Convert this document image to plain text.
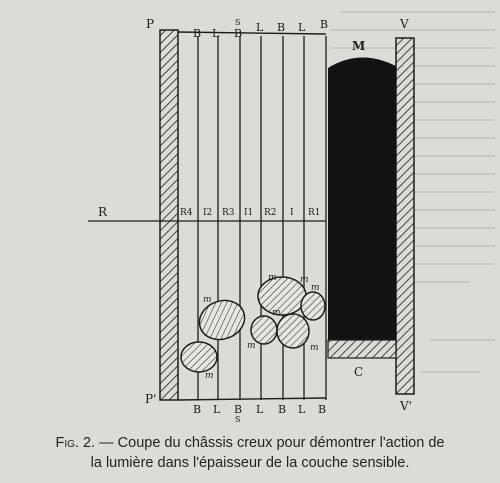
P
P'
V
V'
M
C
R
B L B L B L B
S
R4 I2 R3 I1 R2 I R1
B L B L B L B
S
m
m
m
m	m
m
m
m
Fig. 2. — Coupe du châssis creux pour démontrer l'action de
la lumière dans l'épaisseur de la couche sensible.
